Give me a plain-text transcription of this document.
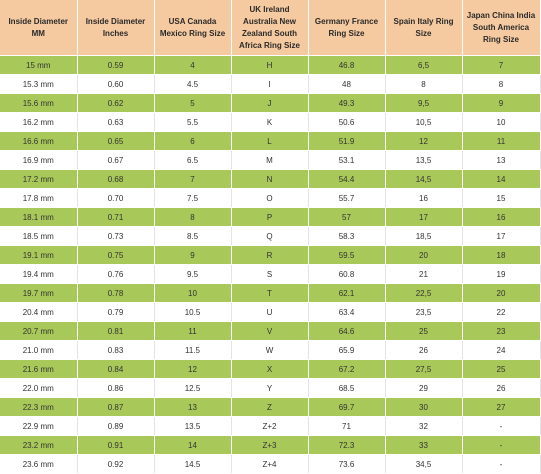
Inside Diameter MM	Inside Diameter Inches	USA Canada Mexico Ring Size	UK Ireland Australia New Zealand South Africa Ring Size	Germany France Ring Size	Spain Italy Ring Size	Japan China India South America Ring Size
15 mm	0.59	4	H	46.8	6,5	7
15.3 mm	0.60	4.5	I	48	8	8
15.6 mm	0.62	5	J	49.3	9,5	9
16.2 mm	0.63	5.5	K	50.6	10,5	10
16.6 mm	0.65	6	L	51.9	12	11
16.9 mm	0.67	6.5	M	53.1	13,5	13
17.2 mm	0.68	7	N	54.4	14,5	14
17.8 mm	0.70	7.5	O	55.7	16	15
18.1 mm	0.71	8	P	57	17	16
18.5 mm	0.73	8.5	Q	58.3	18,5	17
19.1 mm	0.75	9	R	59.5	20	18
19.4 mm	0.76	9.5	S	60.8	21	19
19.7 mm	0.78	10	T	62.1	22,5	20
20.4 mm	0.79	10.5	U	63.4	23,5	22
20.7 mm	0.81	11	V	64.6	25	23
21.0 mm	0.83	11.5	W	65.9	26	24
21.6 mm	0.84	12	X	67.2	27,5	25
22.0 mm	0.86	12.5	Y	68.5	29	26
22.3 mm	0.87	13	Z	69.7	30	27
22.9 mm	0.89	13.5	Z+2	71	32	-
23.2 mm	0.91	14	Z+3	72.3	33	-
23.6 mm	0.92	14.5	Z+4	73.6	34,5	-
